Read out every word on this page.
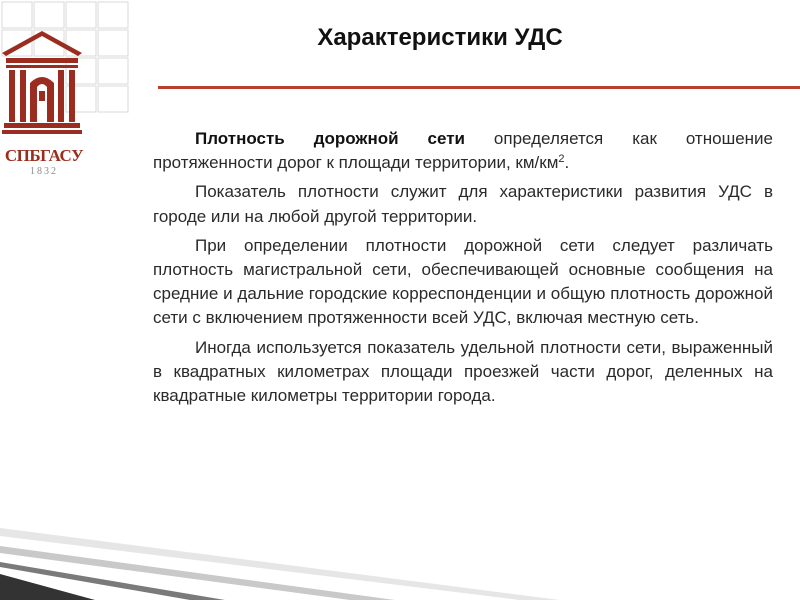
СПБГАСУ
1832
Характеристики УДС

Плотность дорожной сети определяется как отношение протяженности дорог к площади территории, $км/км^2$.

Показатель плотности служит для характеристики развития УДС в городе или на любой другой территории.

При определении плотности дорожной сети следует различать плотность магистральной сети, обеспечивающей основные сообщения на средние и дальние городские корреспонденции и общую плотность дорожной сети с включением протяженности всей УДС, включая местную сеть.

Иногда используется показатель удельной плотности сети, выраженный в квадратных километрах площади проезжей части дорог, деленных на квадратные километры территории города.
